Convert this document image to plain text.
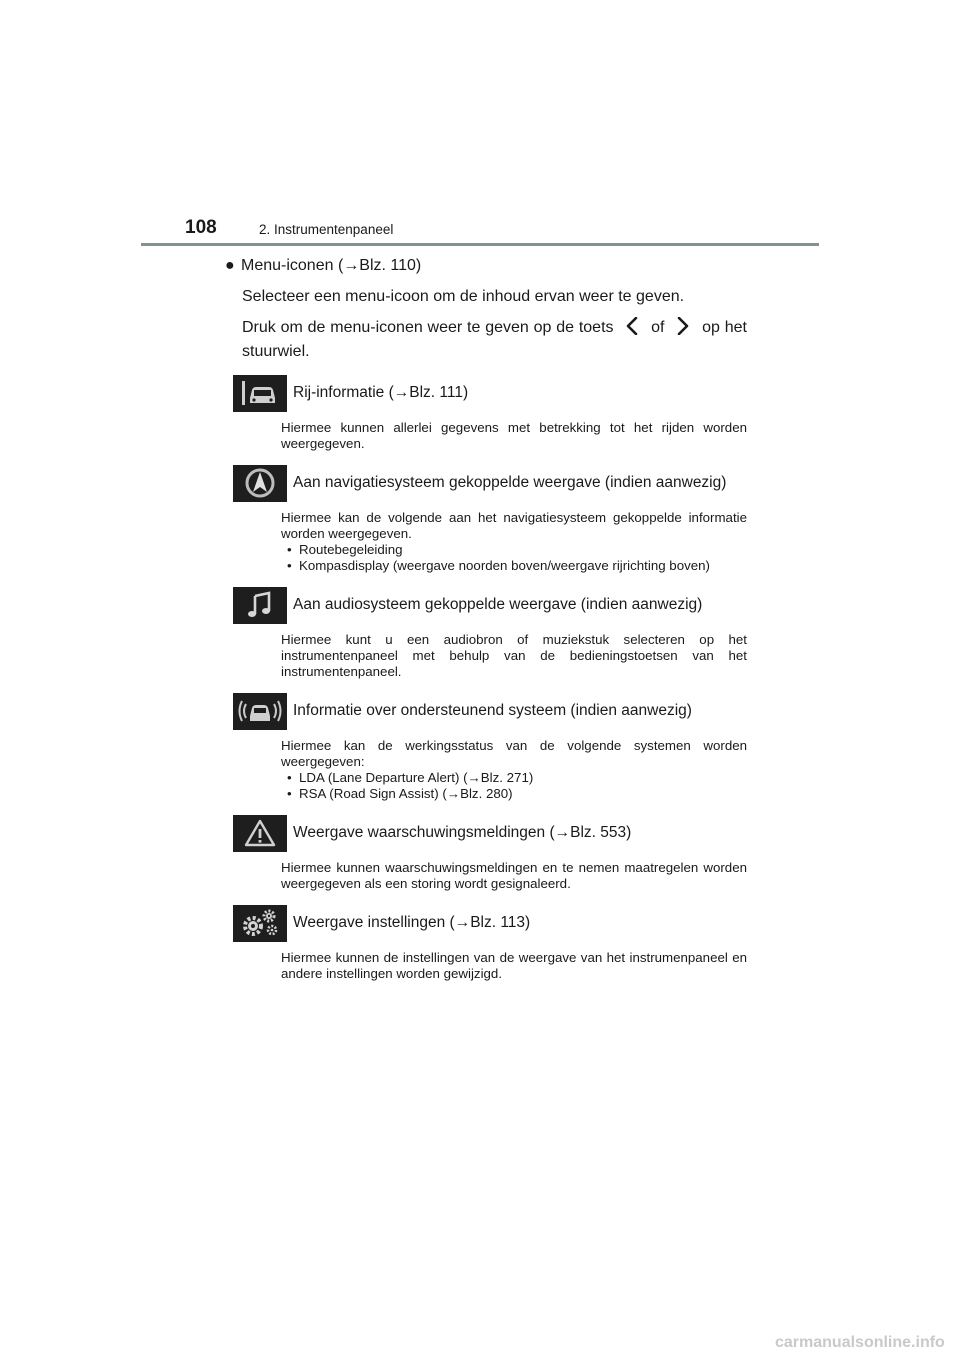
108	2. Instrumentenpaneel
● Menu-iconen (→Blz. 110)
Selecteer een menu-icoon om de inhoud ervan weer te geven.
Druk om de menu-iconen weer te geven op de toets of op het stuurwiel.
Rij-informatie (→Blz. 111)
Hiermee kunnen allerlei gegevens met betrekking tot het rijden worden weergegeven.
Aan navigatiesysteem gekoppelde weergave (indien aanwezig)
Hiermee kan de volgende aan het navigatiesysteem gekoppelde informatie worden weergegeven.
• Routebegeleiding
• Kompasdisplay (weergave noorden boven/weergave rijrichting boven)
Aan audiosysteem gekoppelde weergave (indien aanwezig)
Hiermee kunt u een audiobron of muziekstuk selecteren op het instrumentenpaneel met behulp van de bedieningstoetsen van het instrumentenpaneel.
Informatie over ondersteunend systeem (indien aanwezig)
Hiermee kan de werkingsstatus van de volgende systemen worden weergegeven:
• LDA (Lane Departure Alert) (→Blz. 271)
• RSA (Road Sign Assist) (→Blz. 280)
Weergave waarschuwingsmeldingen (→Blz. 553)
Hiermee kunnen waarschuwingsmeldingen en te nemen maatregelen worden weergegeven als een storing wordt gesignaleerd.
Weergave instellingen (→Blz. 113)
Hiermee kunnen de instellingen van de weergave van het instrumenpaneel en andere instellingen worden gewijzigd.
carmanualsonline.info
